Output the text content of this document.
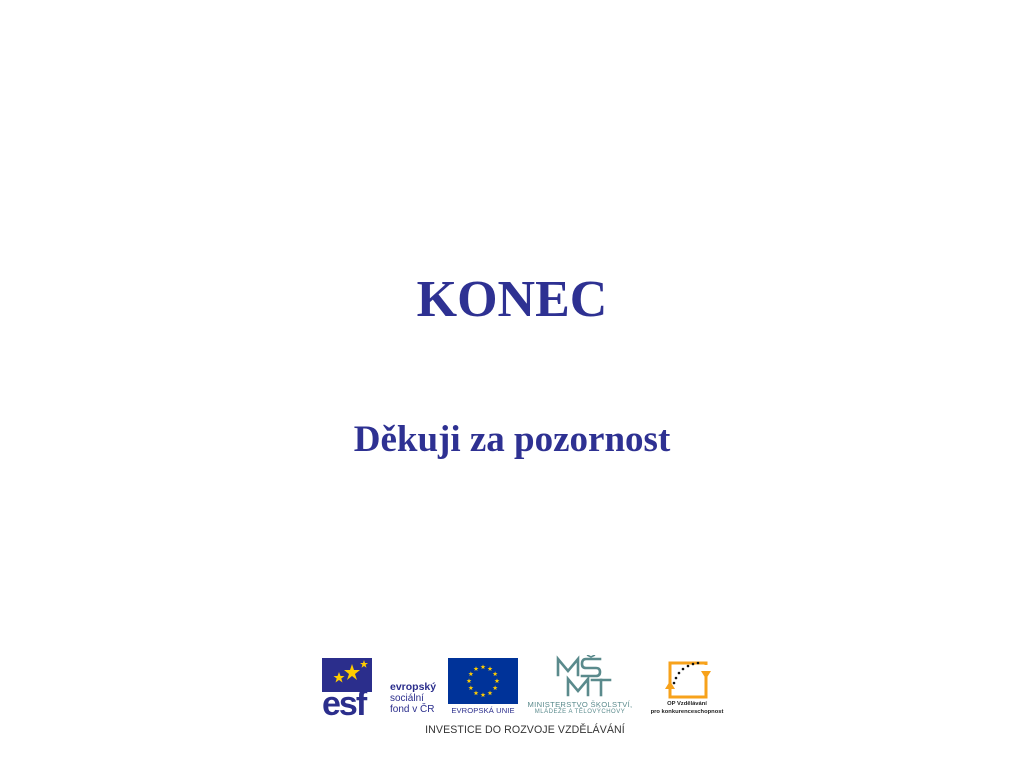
KONEC
Děkuji za pozornost
esf evropský
sociální
fond v ČR	EVROPSKÁ UNIE
MINISTERSTVO ŠKOLSTVÍ,
MLÁDEŽE A TĚLOVÝCHOVY
OP Vzdělávání
pro konkurenceschopnost
INVESTICE DO ROZVOJE VZDĚLÁVÁNÍ
